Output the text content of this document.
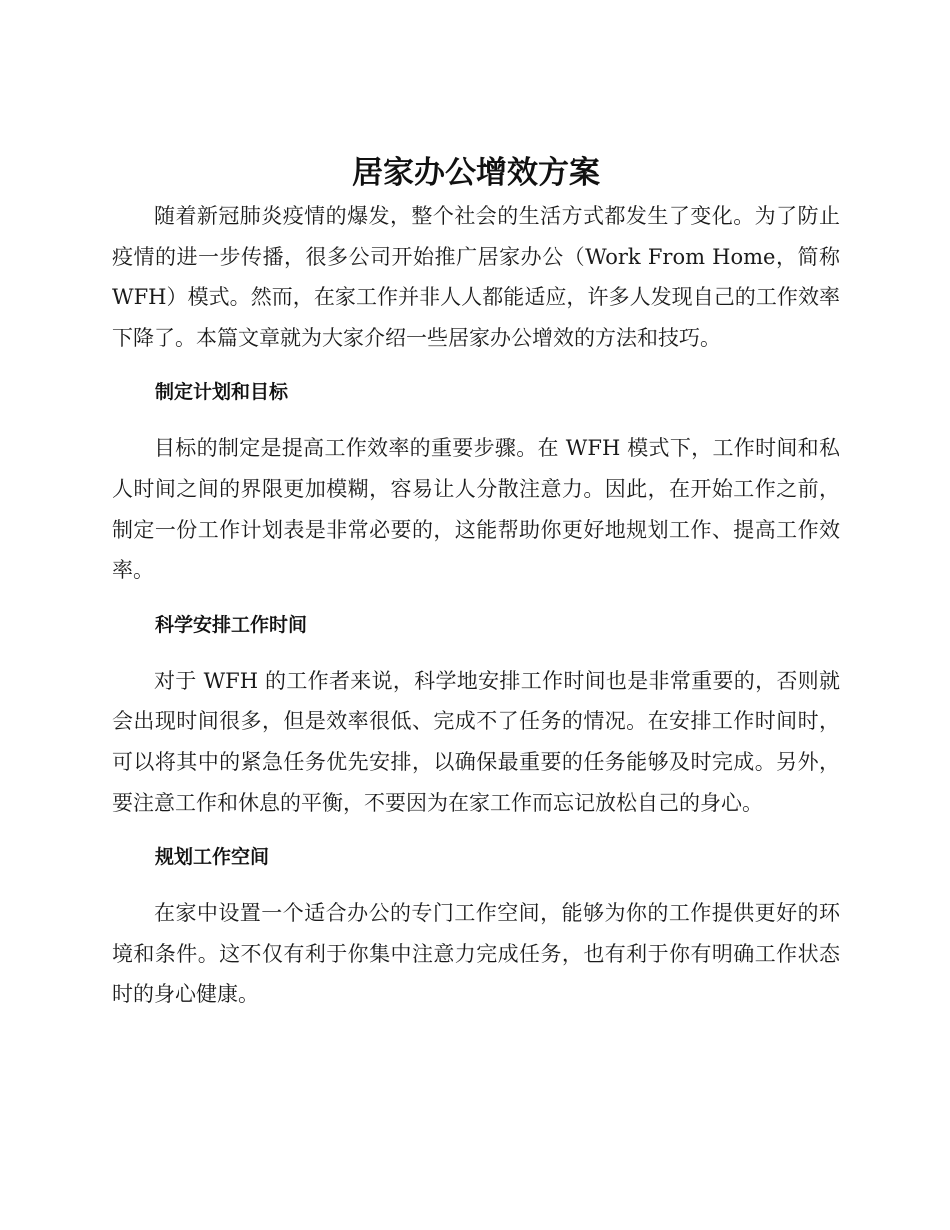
居家办公增效方案

随着新冠肺炎疫情的爆发，整个社会的生活方式都发生了变化。为了防止疫情的进一步传播，很多公司开始推广居家办公（Work From Home，简称WFH）模式。然而，在家工作并非人人都能适应，许多人发现自己的工作效率下降了。本篇文章就为大家介绍一些居家办公增效的方法和技巧。

制定计划和目标

目标的制定是提高工作效率的重要步骤。在 WFH 模式下，工作时间和私人时间之间的界限更加模糊，容易让人分散注意力。因此，在开始工作之前，制定一份工作计划表是非常必要的，这能帮助你更好地规划工作、提高工作效率。

科学安排工作时间

对于 WFH 的工作者来说，科学地安排工作时间也是非常重要的，否则就会出现时间很多，但是效率很低、完成不了任务的情况。在安排工作时间时，可以将其中的紧急任务优先安排，以确保最重要的任务能够及时完成。另外，要注意工作和休息的平衡，不要因为在家工作而忘记放松自己的身心。

规划工作空间

在家中设置一个适合办公的专门工作空间，能够为你的工作提供更好的环境和条件。这不仅有利于你集中注意力完成任务，也有利于你有明确工作状态时的身心健康。
